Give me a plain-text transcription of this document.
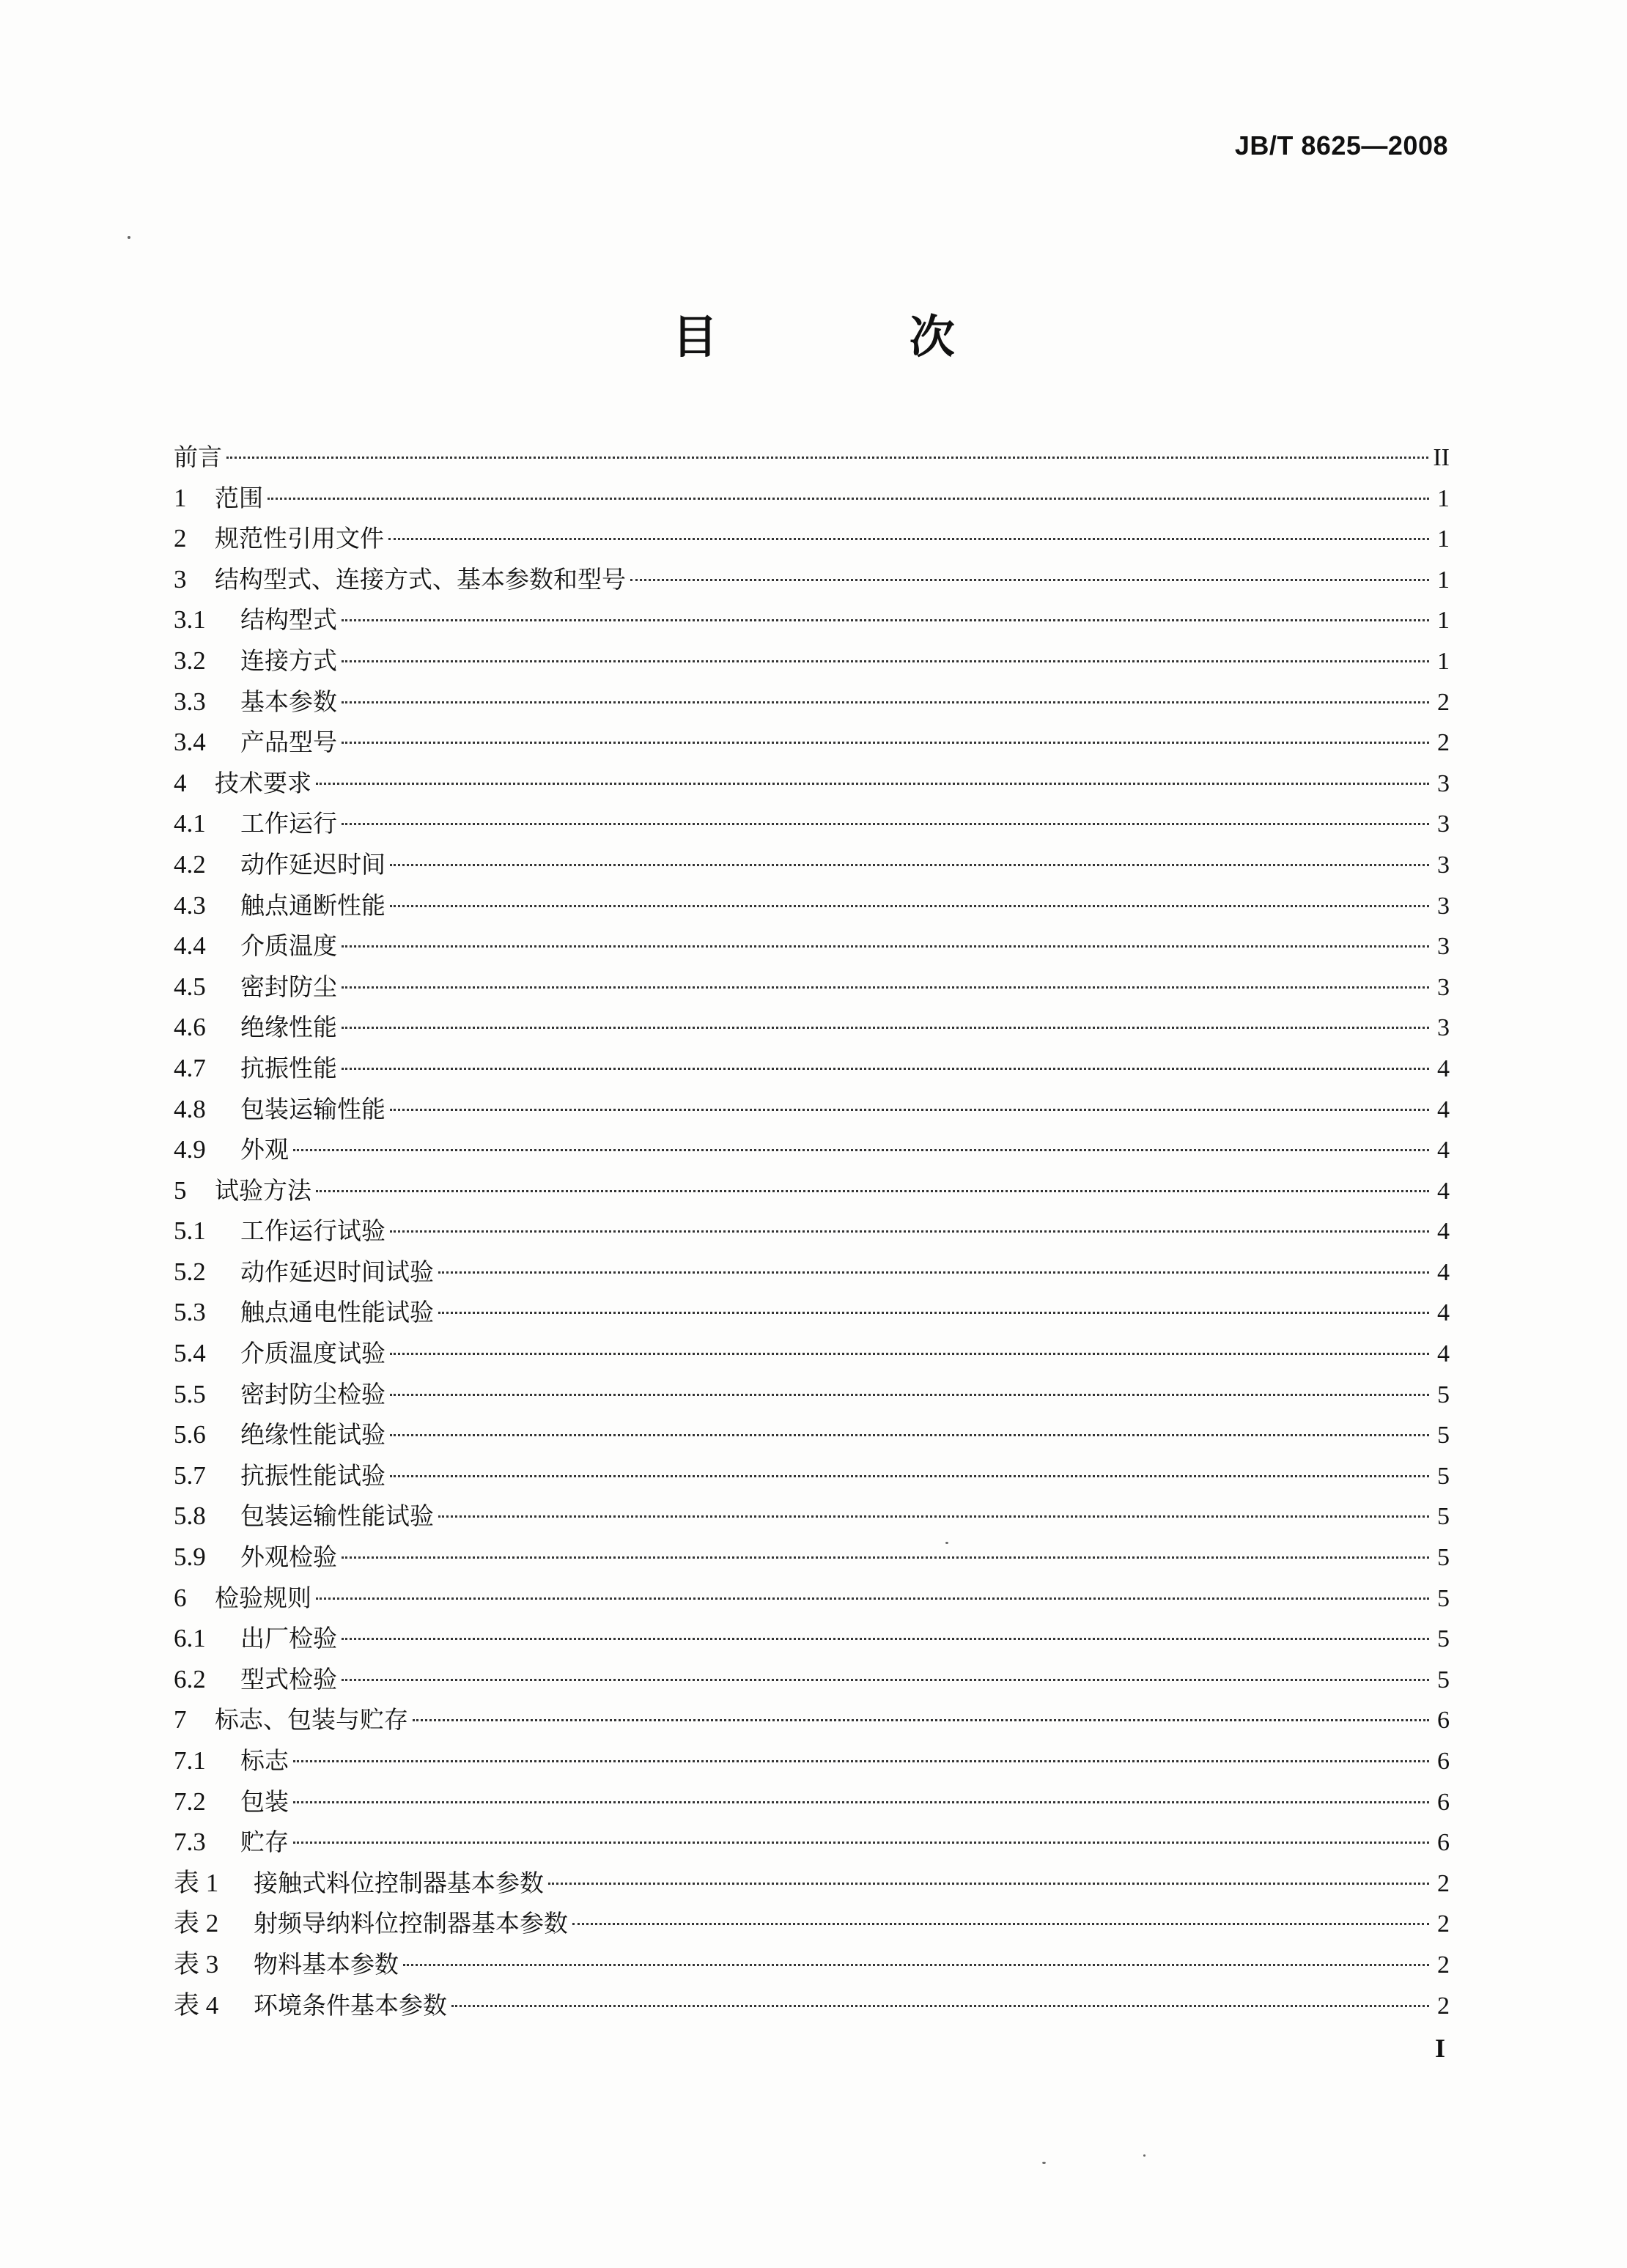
JB/T 8625—2008
目 次
前言	II
1	范围	1
2	规范性引用文件	1
3	结构型式、连接方式、基本参数和型号	1
3.1	结构型式	1
3.2	连接方式	1
3.3	基本参数	2
3.4	产品型号	2
4	技术要求	3
4.1	工作运行	3
4.2	动作延迟时间	3
4.3	触点通断性能	3
4.4	介质温度	3
4.5	密封防尘	3
4.6	绝缘性能	3
4.7	抗振性能	4
4.8	包装运输性能	4
4.9	外观	4
5	试验方法	4
5.1	工作运行试验	4
5.2	动作延迟时间试验	4
5.3	触点通电性能试验	4
5.4	介质温度试验	4
5.5	密封防尘检验	5
5.6	绝缘性能试验	5
5.7	抗振性能试验	5
5.8	包装运输性能试验	5
5.9	外观检验	5
6	检验规则	5
6.1	出厂检验	5
6.2	型式检验	5
7	标志、包装与贮存	6
7.1	标志	6
7.2	包装	6
7.3	贮存	6
表 1	接触式料位控制器基本参数	2
表 2	射频导纳料位控制器基本参数	2
表 3	物料基本参数	2
表 4	环境条件基本参数	2
I
